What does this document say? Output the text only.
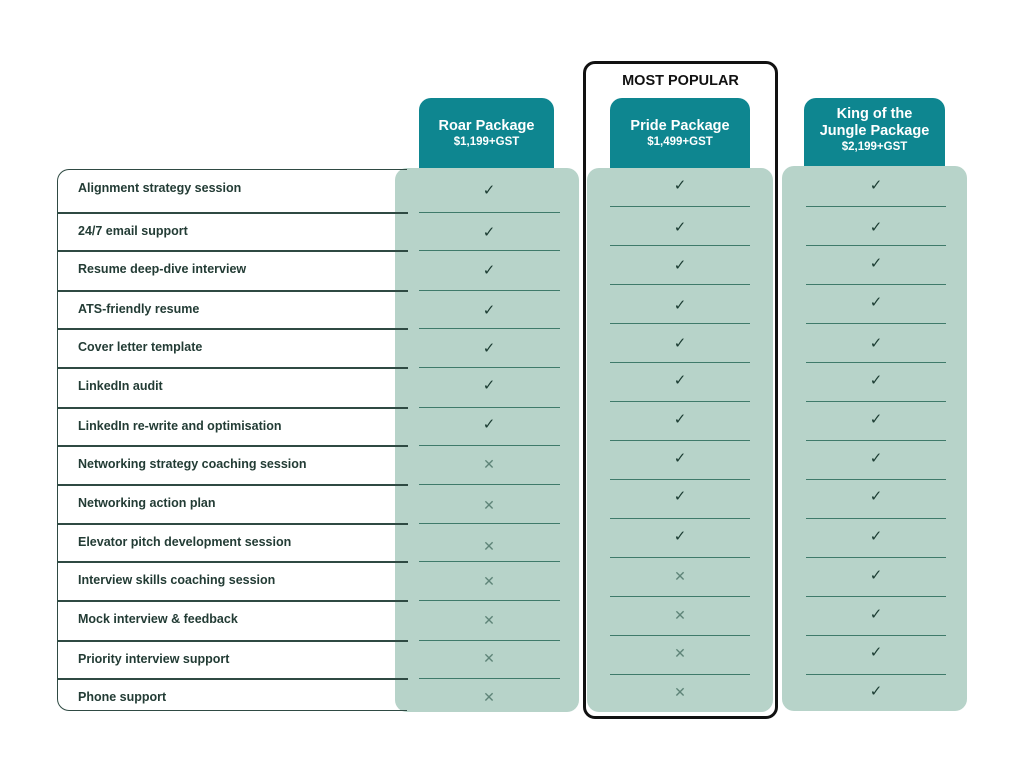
Alignment strategy session
24/7 email support
Resume deep-dive interview
ATS-friendly resume
Cover letter template
LinkedIn audit
LinkedIn re-write and optimisation
Networking strategy coaching session
Networking action plan
Elevator pitch development session
Interview skills coaching session
Mock interview & feedback
Priority interview support
Phone support
Roar Package
$1,199+GST
✓
✓
✓
✓
✓
✓
✓
✕
✕
✕
✕
✕
✕
✕
Pride Package
$1,499+GST
✓
✓
✓
✓
✓
✓
✓
✓
✓
✓
✕
✕
✕
✕
King of the
Jungle Package
$2,199+GST
✓
✓
✓
✓
✓
✓
✓
✓
✓
✓
✓
✓
✓
✓
MOST POPULAR
